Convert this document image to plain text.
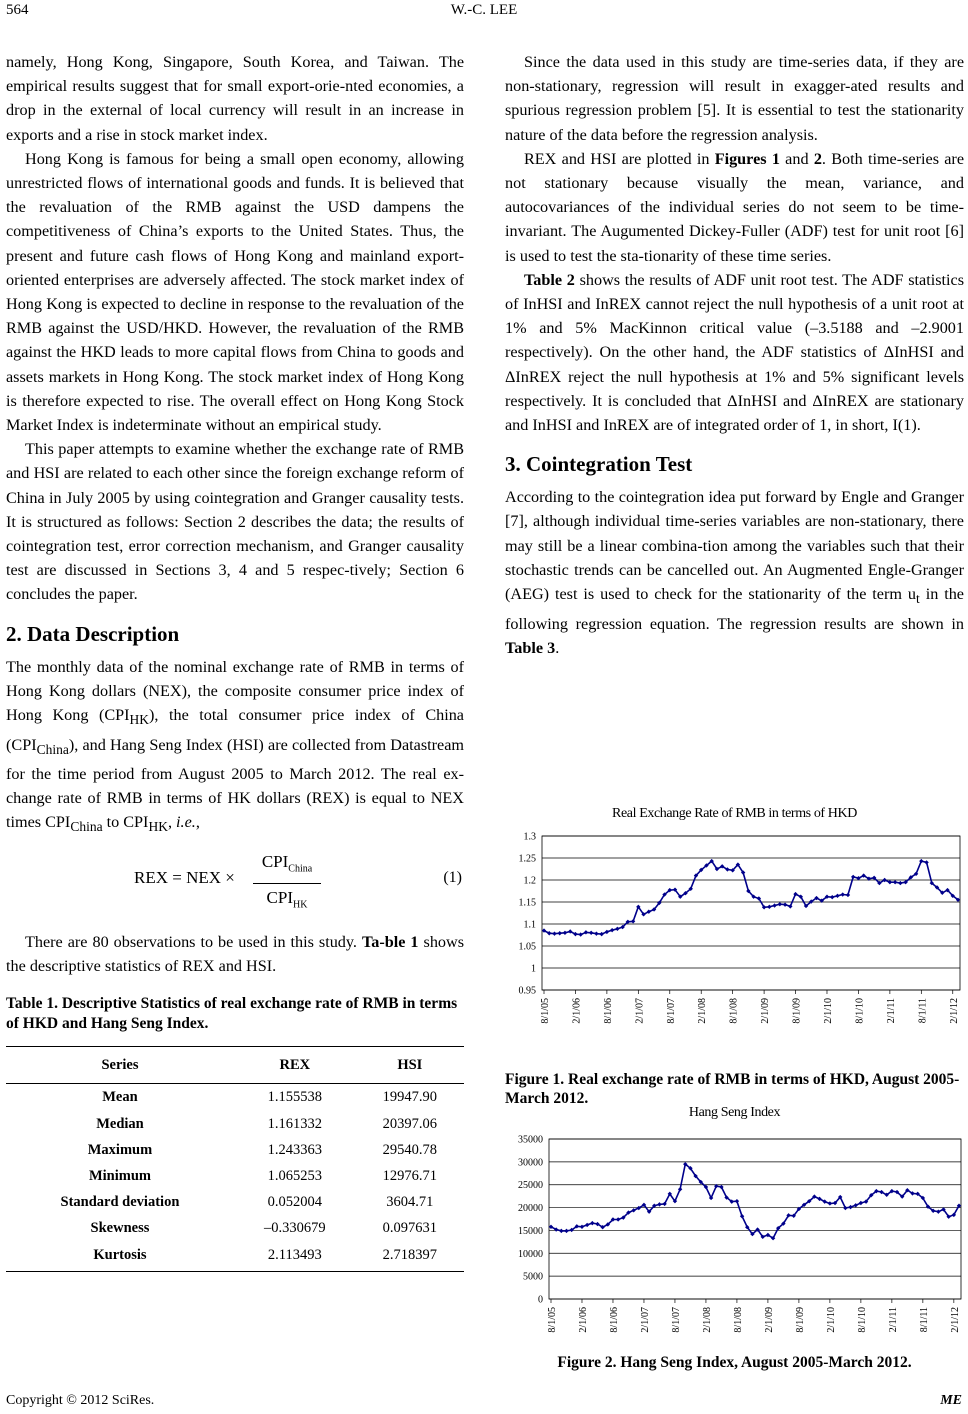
564	W.-C. LEE

namely, Hong Kong, Singapore, South Korea, and Taiwan. The empirical results suggest that for small export-orie-nted economies, a drop in the external of local currency will result in an increase in exports and a rise in stock market index.

Hong Kong is famous for being a small open economy, allowing unrestricted flows of international goods and funds. It is believed that the revaluation of the RMB against the USD dampens the competitiveness of China’s exports to the United States. Thus, the present and future cash flows of Hong Kong and mainland export-oriented enterprises are adversely affected. The stock market index of Hong Kong is expected to decline in response to the revaluation of the RMB against the USD/HKD. However, the revaluation of the RMB against the HKD leads to more capital flows from China to goods and assets markets in Hong Kong. The stock market index of Hong Kong is therefore expected to rise. The overall effect on Hong Kong Stock Market Index is indeterminate without an empirical study.

This paper attempts to examine whether the exchange rate of RMB and HSI are related to each other since the foreign exchange reform of China in July 2005 by using cointegration and Granger causality tests. It is structured as follows: Section 2 describes the data; the results of cointegration test, error correction mechanism, and Granger causality test are discussed in Sections 3, 4 and 5 respec-tively; Section 6 concludes the paper.

2. Data Description

The monthly data of the nominal exchange rate of RMB in terms of Hong Kong dollars (NEX), the composite consumer price index of Hong Kong $(CPI_{HK})$, the total consumer price index of China $(CPI_{China})$, and Hang Seng Index (HSI) are collected from Datastream for the time period from August 2005 to March 2012. The real ex-change rate of RMB in terms of HK dollars (REX) is equal to NEX times $CPI_{China}$ to $CPI_{HK}$, i.e.,

REX = NEX ×
$CPI_{China}$
$CPI_{HK}$
(1)

There are 80 observations to be used in this study. Ta-ble 1 shows the descriptive statistics of REX and HSI.

Table 1. Descriptive Statistics of real exchange rate of RMB in terms of HKD and Hang Seng Index.
Series	REX	HSI
Mean	1.155538	19947.90
Median	1.161332	20397.06
Maximum	1.243363	29540.78
Minimum	1.065253	12976.71
Standard deviation	0.052004	3604.71
Skewness	–0.330679	0.097631
Kurtosis	2.113493	2.718397

Since the data used in this study are time-series data, if they are non-stationary, regression will result in exagger-ated results and spurious regression problem [5]. It is essential to test the stationarity nature of the data before the regression analysis.

REX and HSI are plotted in Figures 1 and 2. Both time-series are not stationary because visually the mean, variance, and autocovariances of the individual series do not seem to be time-invariant. The Augumented Dickey-Fuller (ADF) test for unit root [6] is used to test the sta-tionarity of these time series.

Table 2 shows the results of ADF unit root test. The ADF statistics of InHSI and InREX cannot reject the null hypothesis of a unit root at 1% and 5% MacKinnon critical value (–3.5188 and –2.9001 respectively). On the other hand, the ADF statistics of ΔInHSI and ΔInREX reject the null hypothesis at 1% and 5% significant levels respectively. It is concluded that ΔInHSI and ΔInREX are stationary and InHSI and InREX are of integrated order of 1, in short, I(1).

3. Cointegration Test

According to the cointegration idea put forward by Engle and Granger [7], although individual time-series variables are non-stationary, there may still be a linear combina-tion among the variables such that their stochastic trends can be cancelled out. An Augmented Engle-Granger (AEG) test is used to check for the stationarity of the term $u_t$ in the following regression equation. The regression results are shown in Table 3.

Real Exchange Rate of RMB in terms of HKD
1.3
1.25
1.2
1.15
1.1
1.05
1
0.95
8/1/05 2/1/06 8/1/06 2/1/07 8/1/07 2/1/08 8/1/08 2/1/09 8/1/09 2/1/10 8/1/10 2/1/11 8/1/11 2/1/12
Figure 1. Real exchange rate of RMB in terms of HKD, August 2005-March 2012.
Hang Seng Index
35000
30000
25000
20000
15000
10000
5000
0
8/1/05 2/1/06 8/1/06 2/1/07 8/1/07 2/1/08 8/1/08 2/1/09 8/1/09 2/1/10 8/1/10 2/1/11 8/1/11 2/1/12
Figure 2. Hang Seng Index, August 2005-March 2012.
Copyright © 2012 SciRes.	ME
